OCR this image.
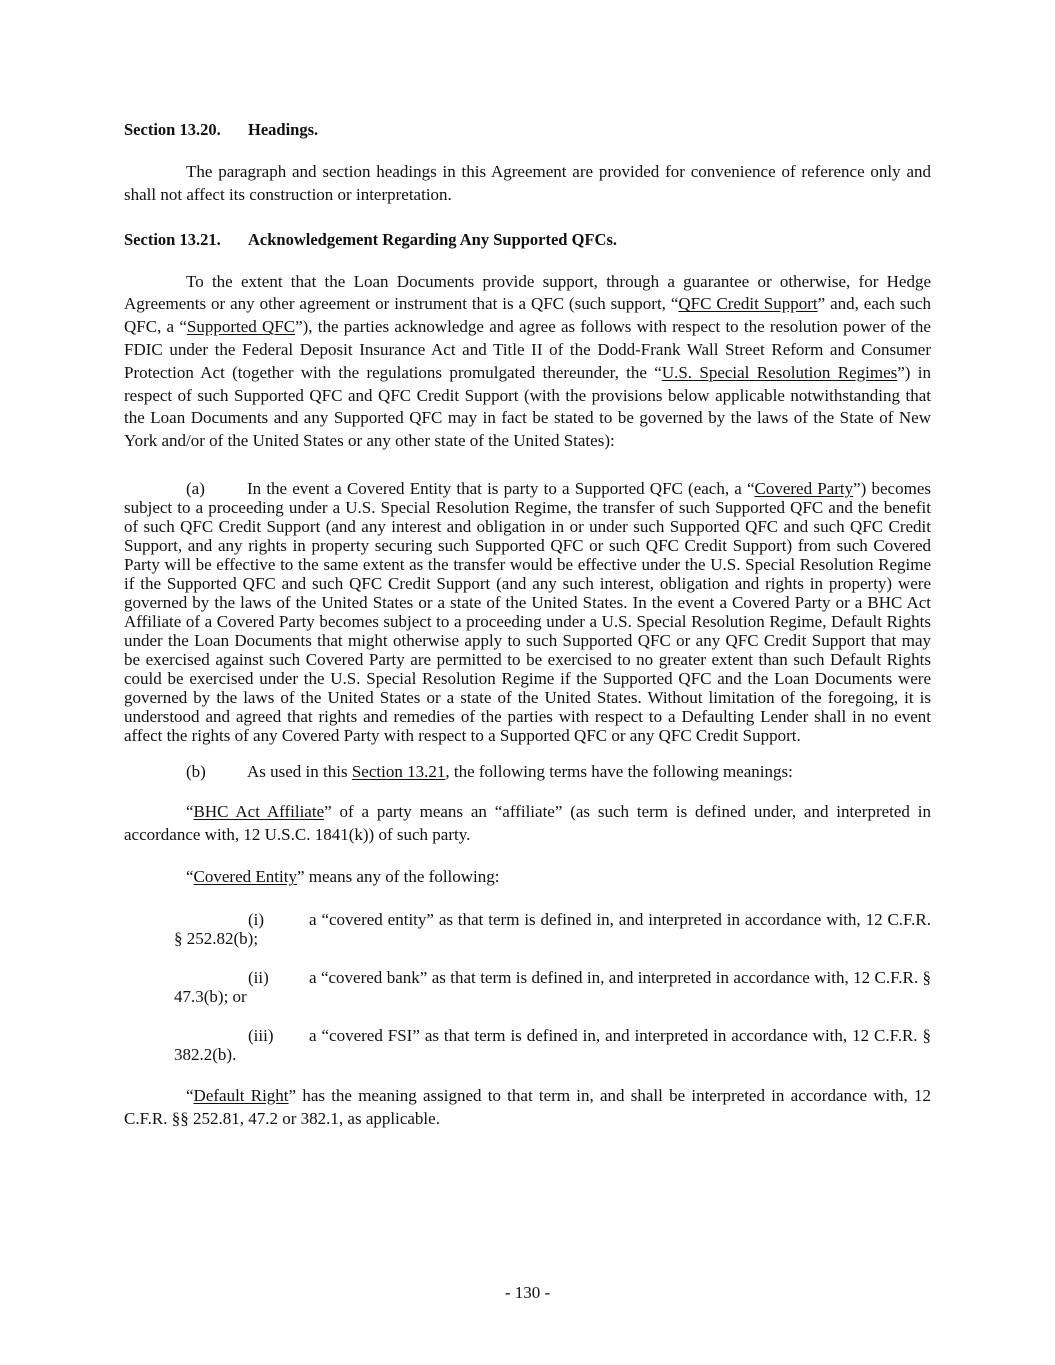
Section 13.20. Headings.

The paragraph and section headings in this Agreement are provided for convenience of reference only and shall not affect its construction or interpretation.

Section 13.21. Acknowledgement Regarding Any Supported QFCs.

To the extent that the Loan Documents provide support, through a guarantee or otherwise, for Hedge Agreements or any other agreement or instrument that is a QFC (such support, “QFC Credit Support” and, each such QFC, a “Supported QFC”), the parties acknowledge and agree as follows with respect to the resolution power of the FDIC under the Federal Deposit Insurance Act and Title II of the Dodd-Frank Wall Street Reform and Consumer Protection Act (together with the regulations promulgated thereunder, the “U.S. Special Resolution Regimes”) in respect of such Supported QFC and QFC Credit Support (with the provisions below applicable notwithstanding that the Loan Documents and any Supported QFC may in fact be stated to be governed by the laws of the State of New York and/or of the United States or any other state of the United States):

(a) In the event a Covered Entity that is party to a Supported QFC (each, a “Covered Party”) becomes subject to a proceeding under a U.S. Special Resolution Regime, the transfer of such Supported QFC and the benefit of such QFC Credit Support (and any interest and obligation in or under such Supported QFC and such QFC Credit Support, and any rights in property securing such Supported QFC or such QFC Credit Support) from such Covered Party will be effective to the same extent as the transfer would be effective under the U.S. Special Resolution Regime if the Supported QFC and such QFC Credit Support (and any such interest, obligation and rights in property) were governed by the laws of the United States or a state of the United States. In the event a Covered Party or a BHC Act Affiliate of a Covered Party becomes subject to a proceeding under a U.S. Special Resolution Regime, Default Rights under the Loan Documents that might otherwise apply to such Supported QFC or any QFC Credit Support that may be exercised against such Covered Party are permitted to be exercised to no greater extent than such Default Rights could be exercised under the U.S. Special Resolution Regime if the Supported QFC and the Loan Documents were governed by the laws of the United States or a state of the United States. Without limitation of the foregoing, it is understood and agreed that rights and remedies of the parties with respect to a Defaulting Lender shall in no event affect the rights of any Covered Party with respect to a Supported QFC or any QFC Credit Support.

(b) As used in this Section 13.21, the following terms have the following meanings:

“BHC Act Affiliate” of a party means an “affiliate” (as such term is defined under, and interpreted in accordance with, 12 U.S.C. 1841(k)) of such party.

“Covered Entity” means any of the following:

(i)	a “covered entity” as that term is defined in, and interpreted in accordance with, 12 C.F.R. § 252.82(b);

(ii) a “covered bank” as that term is defined in, and interpreted in accordance with, 12 C.F.R. § 47.3(b); or

(iii) a “covered FSI” as that term is defined in, and interpreted in accordance with, 12 C.F.R. § 382.2(b).

“Default Right” has the meaning assigned to that term in, and shall be interpreted in accordance with, 12 C.F.R. §§ 252.81, 47.2 or 382.1, as applicable.

- 130 -
